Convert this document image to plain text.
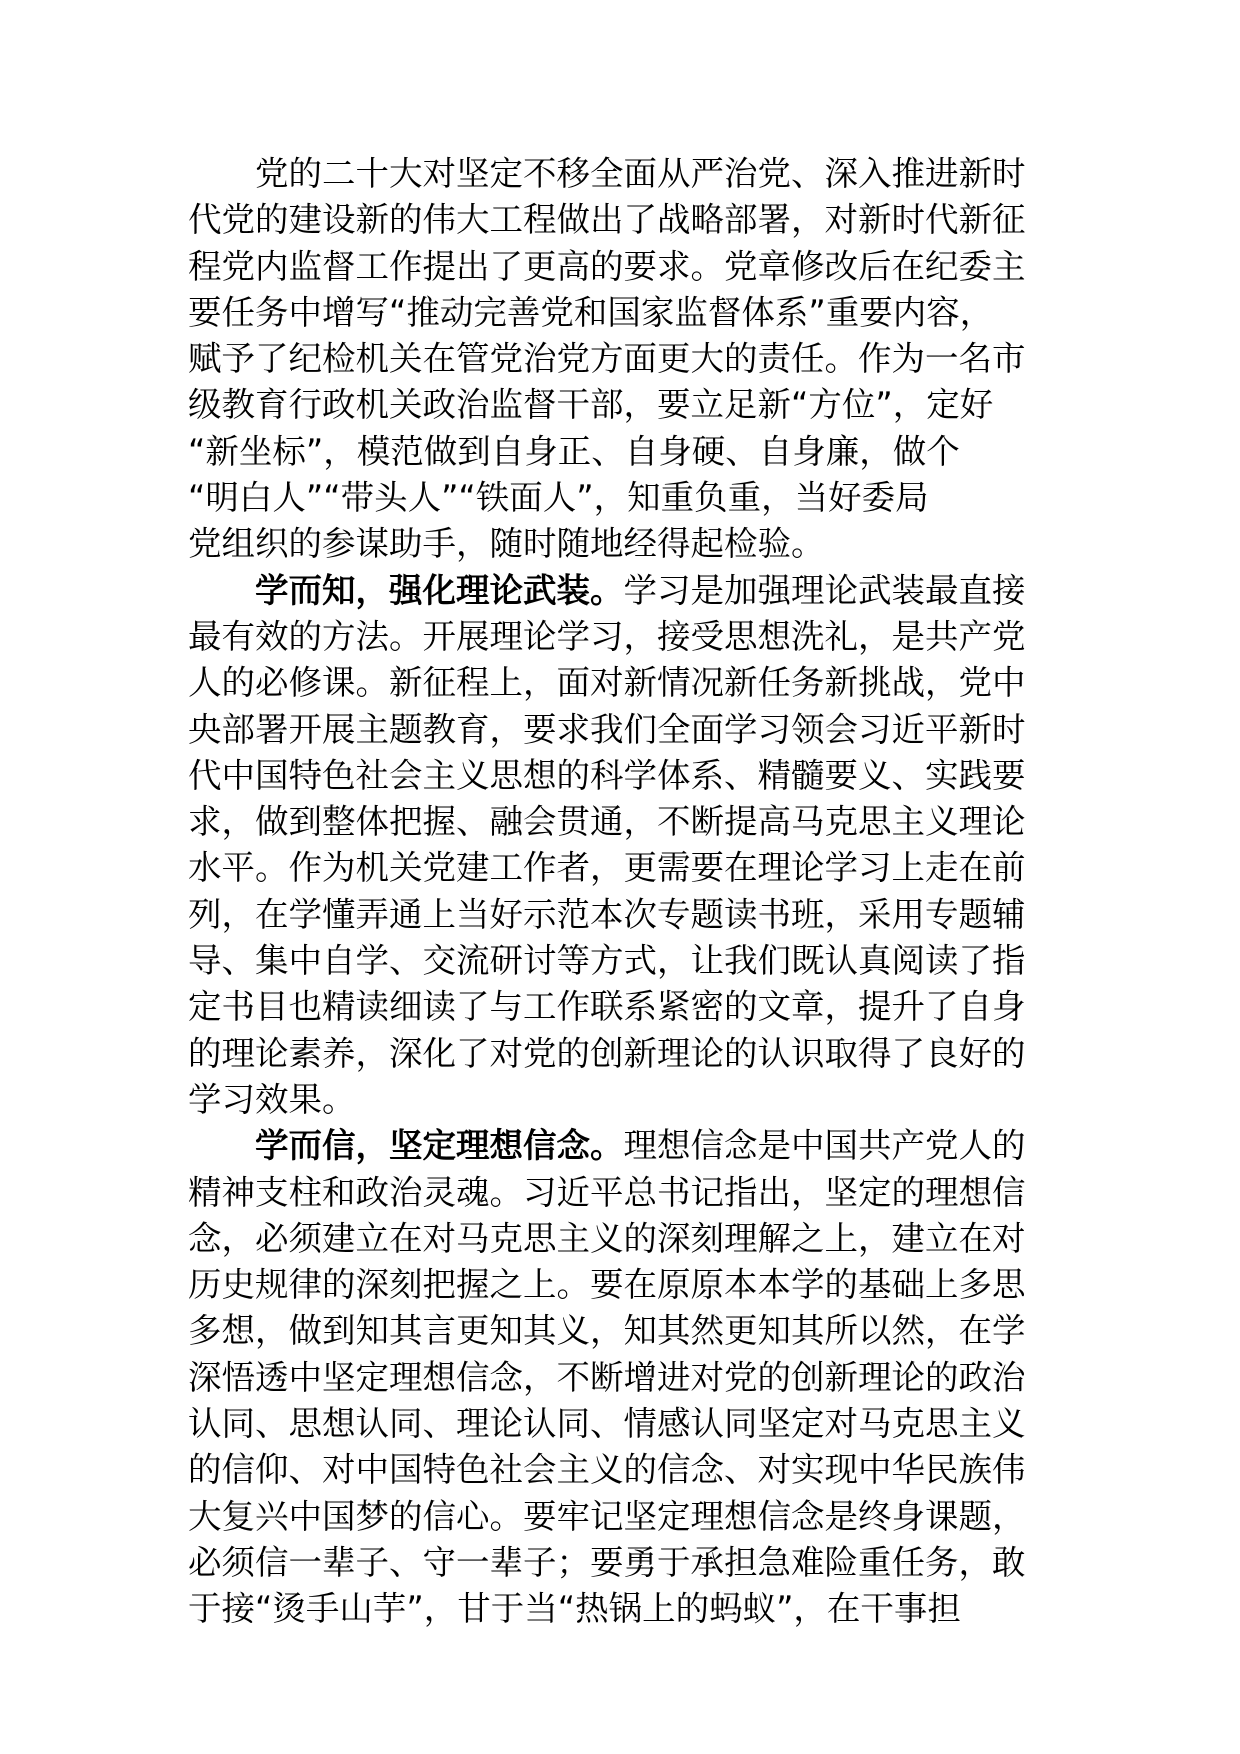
党的二十大对坚定不移全面从严治党、深入推进新时
代党的建设新的伟大工程做出了战略部署，对新时代新征
程党内监督工作提出了更高的要求。党章修改后在纪委主
要任务中增写“推动完善党和国家监督体系”重要内容，
赋予了纪检机关在管党治党方面更大的责任。作为一名市
级教育行政机关政治监督干部，要立足新“方位”，定好
“新坐标”，模范做到自身正、自身硬、自身廉，做个
“明白人”“带头人”“铁面人”，知重负重，当好委局
党组织的参谋助手，随时随地经得起检验。
学而知，强化理论武装。学习是加强理论武装最直接
最有效的方法。开展理论学习，接受思想洗礼，是共产党
人的必修课。新征程上，面对新情况新任务新挑战，党中
央部署开展主题教育，要求我们全面学习领会习近平新时
代中国特色社会主义思想的科学体系、精髓要义、实践要
求，做到整体把握、融会贯通，不断提高马克思主义理论
水平。作为机关党建工作者，更需要在理论学习上走在前
列，在学懂弄通上当好示范本次专题读书班，采用专题辅
导、集中自学、交流研讨等方式，让我们既认真阅读了指
定书目也精读细读了与工作联系紧密的文章，提升了自身
的理论素养，深化了对党的创新理论的认识取得了良好的
学习效果。
学而信，坚定理想信念。理想信念是中国共产党人的
精神支柱和政治灵魂。习近平总书记指出，坚定的理想信
念，必须建立在对马克思主义的深刻理解之上，建立在对
历史规律的深刻把握之上。要在原原本本学的基础上多思
多想，做到知其言更知其义，知其然更知其所以然，在学
深悟透中坚定理想信念，不断增进对党的创新理论的政治
认同、思想认同、理论认同、情感认同坚定对马克思主义
的信仰、对中国特色社会主义的信念、对实现中华民族伟
大复兴中国梦的信心。要牢记坚定理想信念是终身课题，
必须信一辈子、守一辈子；要勇于承担急难险重任务，敢
于接“烫手山芋”，甘于当“热锅上的蚂蚁”，在干事担
